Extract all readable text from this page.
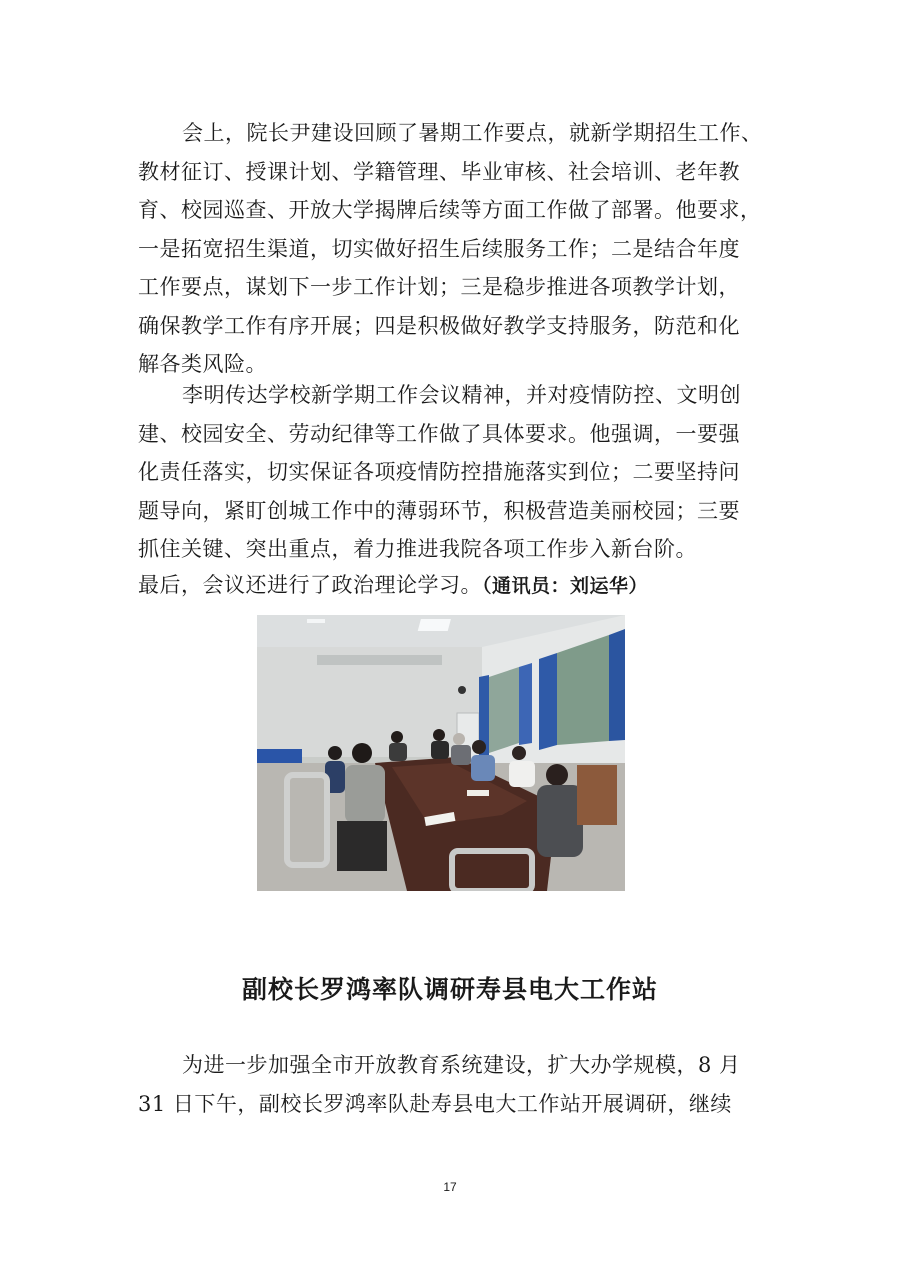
会上，院长尹建设回顾了暑期工作要点，就新学期招生工作、
教材征订、授课计划、学籍管理、毕业审核、社会培训、老年教
育、校园巡查、开放大学揭牌后续等方面工作做了部署。他要求，
一是拓宽招生渠道，切实做好招生后续服务工作；二是结合年度
工作要点，谋划下一步工作计划；三是稳步推进各项教学计划，
确保教学工作有序开展；四是积极做好教学支持服务，防范和化
解各类风险。
李明传达学校新学期工作会议精神，并对疫情防控、文明创
建、校园安全、劳动纪律等工作做了具体要求。他强调，一要强
化责任落实，切实保证各项疫情防控措施落实到位；二要坚持问
题导向，紧盯创城工作中的薄弱环节，积极营造美丽校园；三要
抓住关键、突出重点，着力推进我院各项工作步入新台阶。
最后，会议还进行了政治理论学习。（通讯员：刘运华）
副校长罗鸿率队调研寿县电大工作站
为进一步加强全市开放教育系统建设，扩大办学规模，8 月
31 日下午，副校长罗鸿率队赴寿县电大工作站开展调研，继续
17
